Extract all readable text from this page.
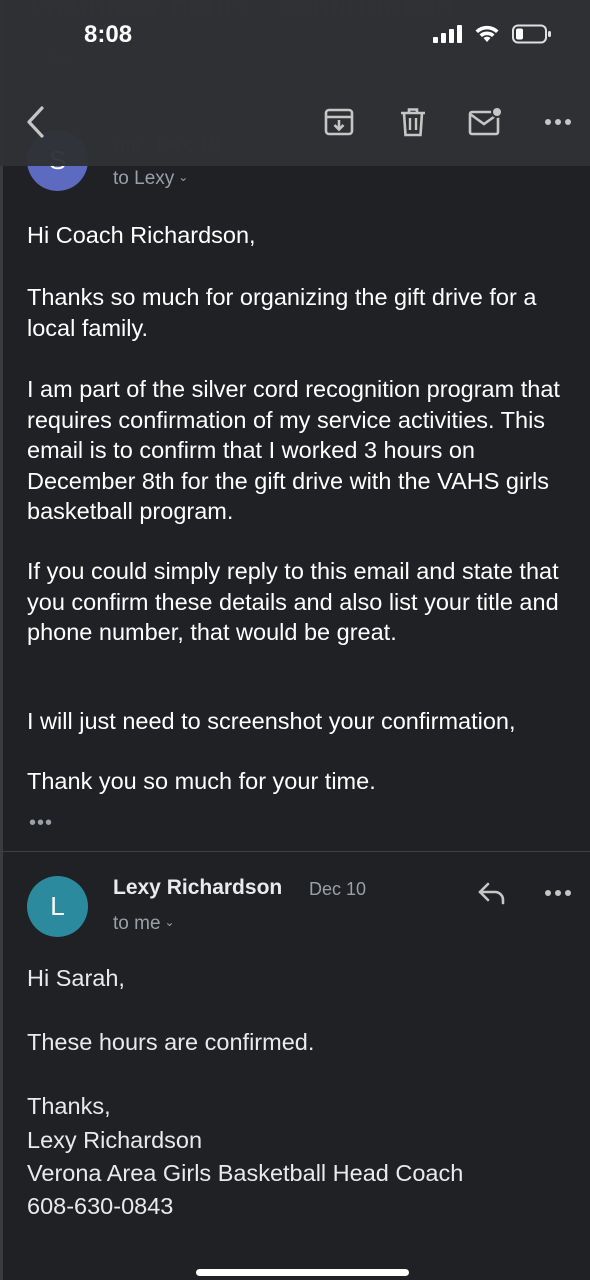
to Lexy ⌄
8:08

Hi Coach Richardson,

Thanks so much for organizing the gift drive for a local family.

I am part of the silver cord recognition program that requires confirmation of my service activities. This email is to confirm that I worked 3 hours on December 8th for the gift drive with the VAHS girls basketball program.

If you could simply reply to this email and state that you confirm these details and also list your title and phone number, that would be great.

I will just need to screenshot your confirmation,

Thank you so much for your time.

•••
L
Lexy Richardson Dec 10
to me ⌄

Hi Sarah,

These hours are confirmed.

Thanks,

Lexy Richardson

Verona Area Girls Basketball Head Coach

608-630-0843
